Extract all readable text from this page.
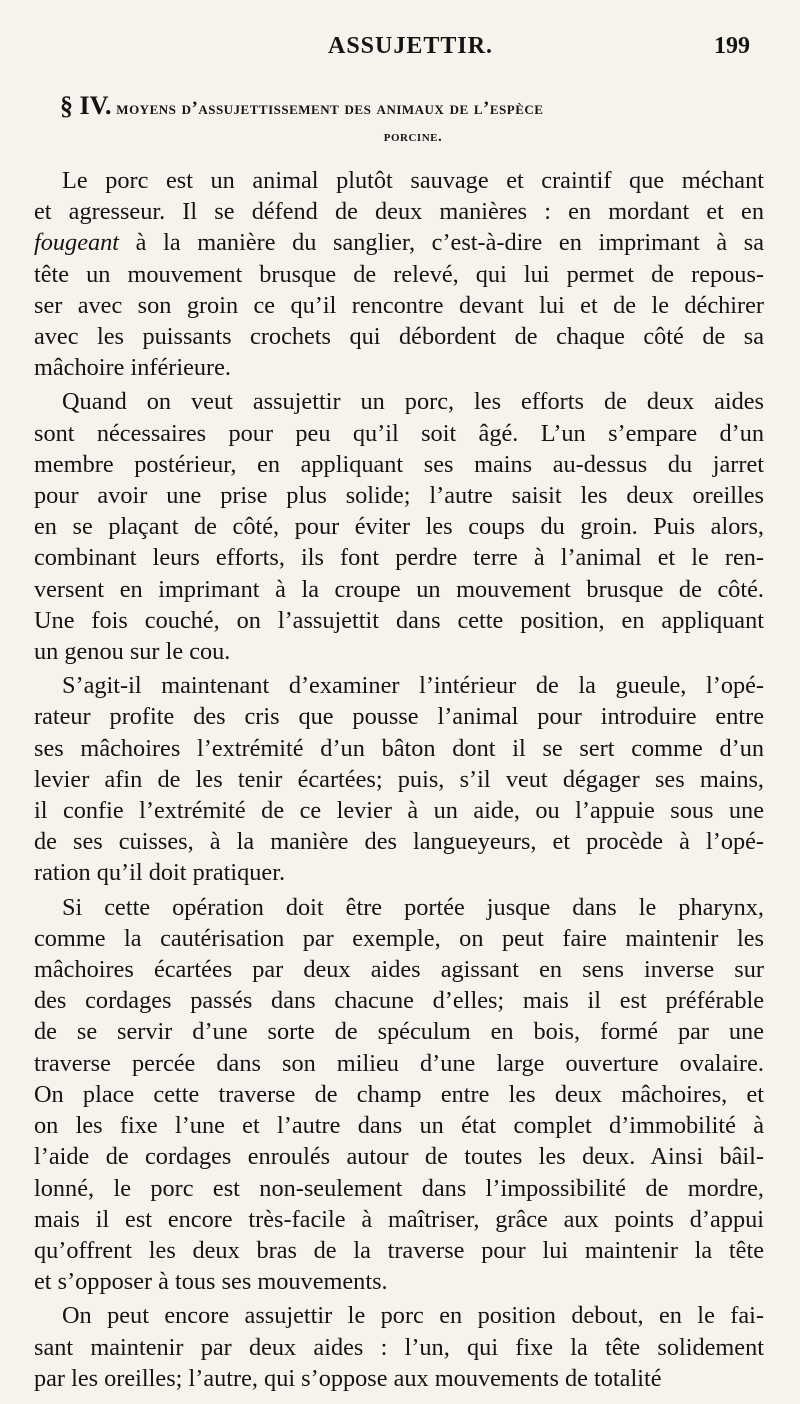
ASSUJETTIR.	199
§ IV. moyens d’assujettissement des animaux de l’espèce
porcine.
Le porc est un animal plutôt sauvage et craintif que méchant
et agresseur. Il se défend de deux manières : en mordant et en
fougeant à la manière du sanglier, c’est-à-dire en imprimant à sa
tête un mouvement brusque de relevé, qui lui permet de repous-
ser avec son groin ce qu’il rencontre devant lui et de le déchirer
avec les puissants crochets qui débordent de chaque côté de sa
mâchoire inférieure.
Quand on veut assujettir un porc, les efforts de deux aides
sont nécessaires pour peu qu’il soit âgé. L’un s’empare d’un
membre postérieur, en appliquant ses mains au-dessus du jarret
pour avoir une prise plus solide; l’autre saisit les deux oreilles
en se plaçant de côté, pour éviter les coups du groin. Puis alors,
combinant leurs efforts, ils font perdre terre à l’animal et le ren-
versent en imprimant à la croupe un mouvement brusque de côté.
Une fois couché, on l’assujettit dans cette position, en appliquant
un genou sur le cou.
S’agit-il maintenant d’examiner l’intérieur de la gueule, l’opé-
rateur profite des cris que pousse l’animal pour introduire entre
ses mâchoires l’extrémité d’un bâton dont il se sert comme d’un
levier afin de les tenir écartées; puis, s’il veut dégager ses mains,
il confie l’extrémité de ce levier à un aide, ou l’appuie sous une
de ses cuisses, à la manière des langueyeurs, et procède à l’opé-
ration qu’il doit pratiquer.
Si cette opération doit être portée jusque dans le pharynx,
comme la cautérisation par exemple, on peut faire maintenir les
mâchoires écartées par deux aides agissant en sens inverse sur
des cordages passés dans chacune d’elles; mais il est préférable
de se servir d’une sorte de spéculum en bois, formé par une
traverse percée dans son milieu d’une large ouverture ovalaire.
On place cette traverse de champ entre les deux mâchoires, et
on les fixe l’une et l’autre dans un état complet d’immobilité à
l’aide de cordages enroulés autour de toutes les deux. Ainsi bâil-
lonné, le porc est non-seulement dans l’impossibilité de mordre,
mais il est encore très-facile à maîtriser, grâce aux points d’appui
qu’offrent les deux bras de la traverse pour lui maintenir la tête
et s’opposer à tous ses mouvements.
On peut encore assujettir le porc en position debout, en le fai-
sant maintenir par deux aides : l’un, qui fixe la tête solidement
par les oreilles; l’autre, qui s’oppose aux mouvements de totalité
